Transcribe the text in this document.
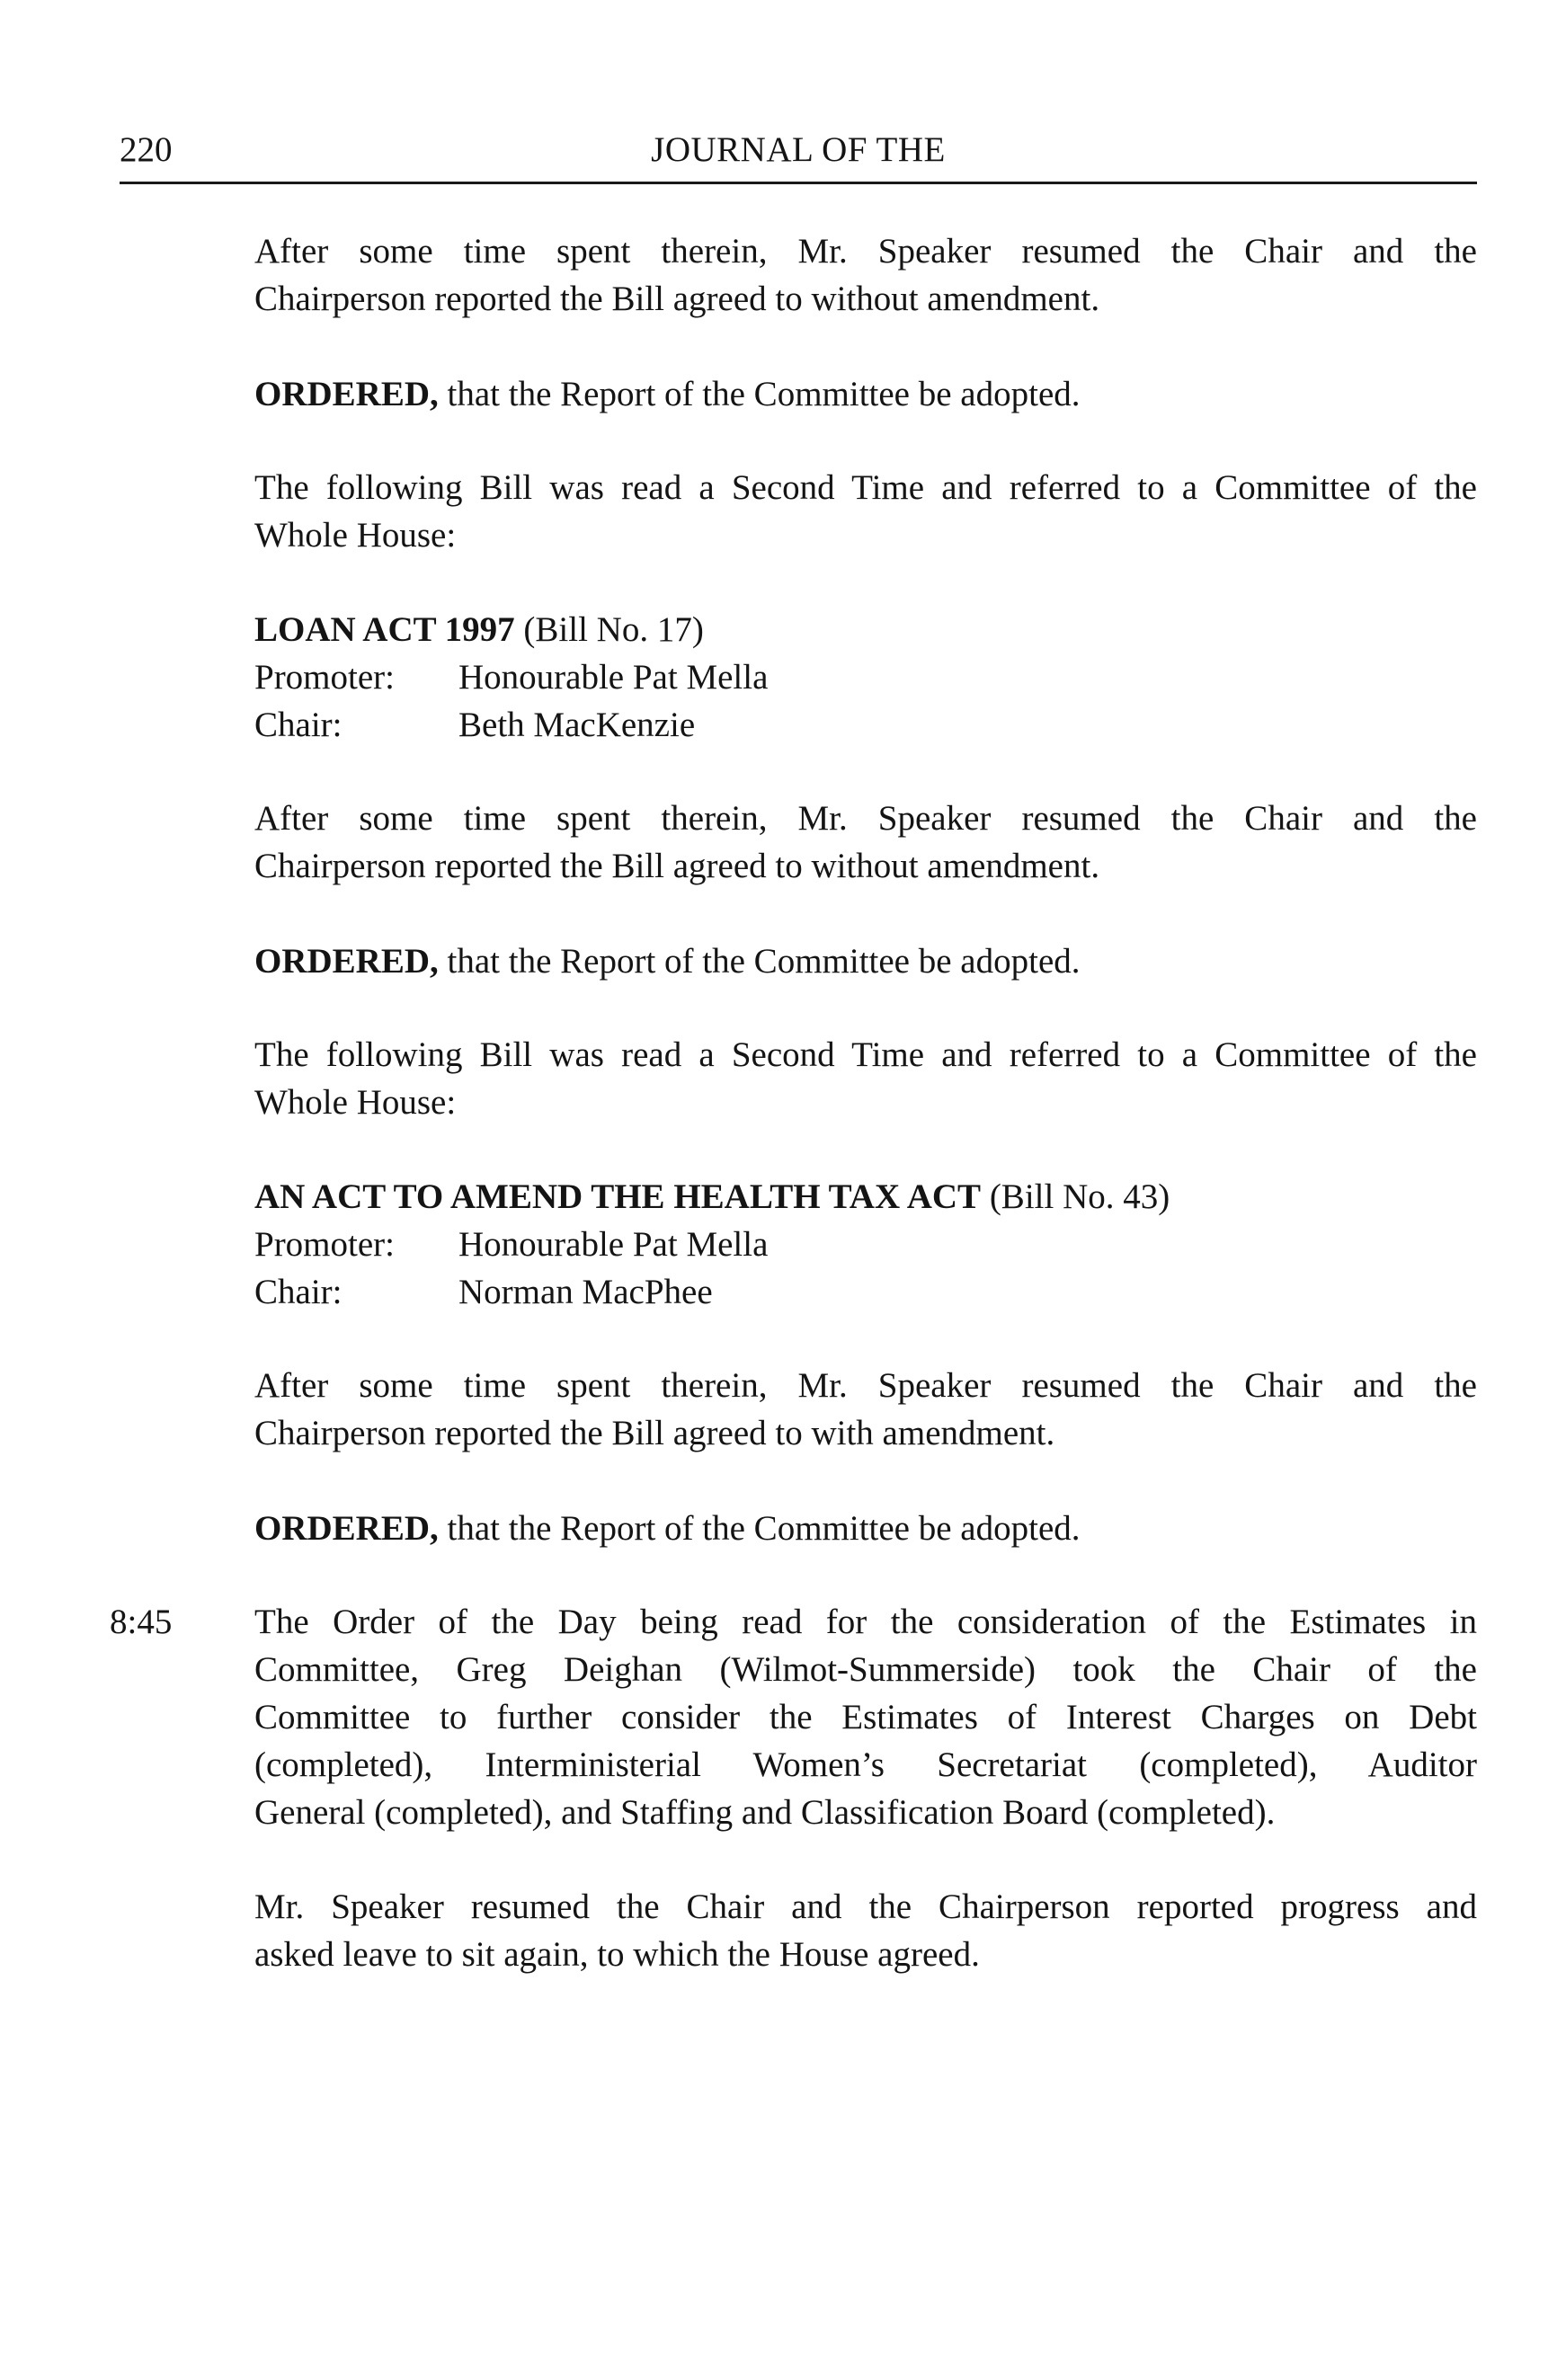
220	JOURNAL OF THE
After some time spent therein, Mr. Speaker resumed the Chair and the
Chairperson reported the Bill agreed to without amendment.
ORDERED, that the Report of the Committee be adopted.
The following Bill was read a Second Time and referred to a Committee of the
Whole House:
LOAN ACT 1997 (Bill No. 17)
Promoter: Honourable Pat Mella
Chair:	Beth MacKenzie
After some time spent therein, Mr. Speaker resumed the Chair and the
Chairperson reported the Bill agreed to without amendment.
ORDERED, that the Report of the Committee be adopted.
The following Bill was read a Second Time and referred to a Committee of the
Whole House:
AN ACT TO AMEND THE HEALTH TAX ACT (Bill No. 43)
Promoter: Honourable Pat Mella
Chair:	Norman MacPhee
After some time spent therein, Mr. Speaker resumed the Chair and the
Chairperson reported the Bill agreed to with amendment.
ORDERED, that the Report of the Committee be adopted.
8:45 The Order of the Day being read for the consideration of the Estimates in
Committee, Greg Deighan (Wilmot-Summerside) took the Chair of the
Committee to further consider the Estimates of Interest Charges on Debt
(completed), Interministerial Women’s Secretariat (completed), Auditor
General (completed), and Staffing and Classification Board (completed).
Mr. Speaker resumed the Chair and the Chairperson reported progress and
asked leave to sit again, to which the House agreed.
